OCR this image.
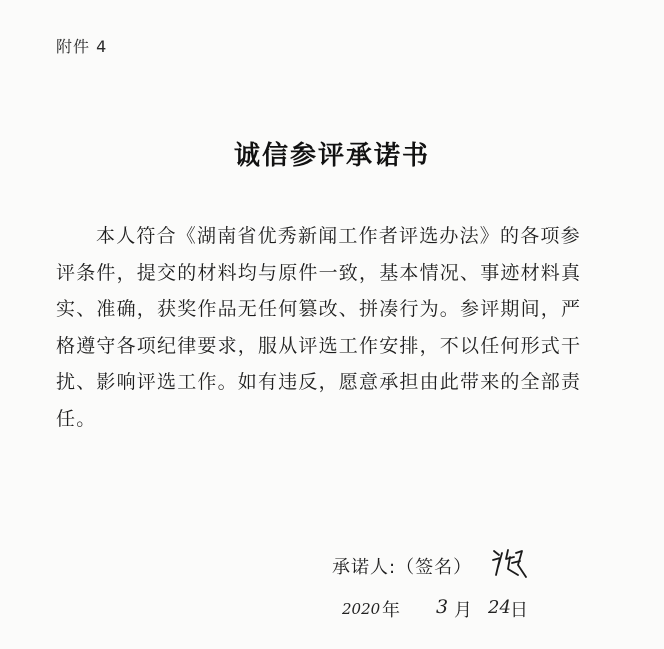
附件 4
诚信参评承诺书
本人符合《湖南省优秀新闻工作者评选办法》的各项参
评条件，提交的材料均与原件一致，基本情况、事迹材料真
实、准确，获奖作品无任何篡改、拼凑行为。参评期间，严
格遵守各项纪律要求，服从评选工作安排，不以任何形式干
扰、影响评选工作。如有违反，愿意承担由此带来的全部责
任。
承诺人:（签名）
2020 年 3 月 24 日
